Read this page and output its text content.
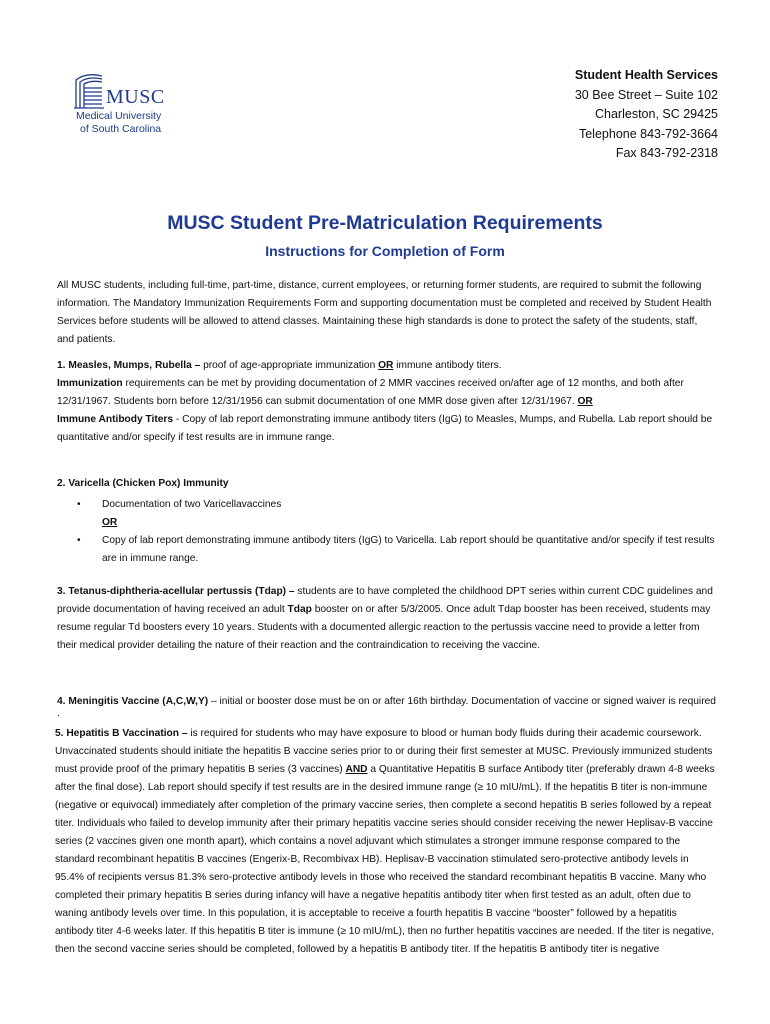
MUSC
Medical University
of South Carolina
Student Health Services
30 Bee Street – Suite 102
Charleston, SC 29425
Telephone 843-792-3664
Fax 843-792-2318
MUSC Student Pre-Matriculation Requirements
Instructions for Completion of Form

All MUSC students, including full-time, part-time, distance, current employees, or returning former students, are required to submit the following information. The Mandatory Immunization Requirements Form and supporting documentation must be completed and received by Student Health Services before students will be allowed to attend classes. Maintaining these high standards is done to protect the safety of the students, staff, and patients.

1. Measles, Mumps, Rubella – proof of age-appropriate immunization OR immune antibody titers.

Immunization requirements can be met by providing documentation of 2 MMR vaccines received on/after age of 12 months, and both after 12/31/1967. Students born before 12/31/1956 can submit documentation of one MMR dose given after 12/31/1967. OR

Immune Antibody Titers - Copy of lab report demonstrating immune antibody titers (IgG) to Measles, Mumps, and Rubella. Lab report should be quantitative and/or specify if test results are in immune range.

2. Varicella (Chicken Pox) Immunity

• Documentation of two Varicellavaccines
OR
• Copy of lab report demonstrating immune antibody titers (IgG) to Varicella. Lab report should be quantitative and/or specify if test results are in immune range.

3. Tetanus-diphtheria-acellular pertussis (Tdap) – students are to have completed the childhood DPT series within current CDC guidelines and provide documentation of having received an adult Tdap booster on or after 5/3/2005. Once adult Tdap booster has been received, students may resume regular Td boosters every 10 years. Students with a documented allergic reaction to the pertussis vaccine need to provide a letter from their medical provider detailing the nature of their reaction and the contraindication to receiving the vaccine.

4. Meningitis Vaccine (A,C,W,Y) – initial or booster dose must be on or after 16th birthday. Documentation of vaccine or signed waiver is required .

5. Hepatitis B Vaccination – is required for students who may have exposure to blood or human body fluids during their academic coursework. Unvaccinated students should initiate the hepatitis B vaccine series prior to or during their first semester at MUSC. Previously immunized students must provide proof of the primary hepatitis B series (3 vaccines) AND a Quantitative Hepatitis B surface Antibody titer (preferably drawn 4-8 weeks after the final dose). Lab report should specify if test results are in the desired immune range (≥ 10 mIU/mL). If the hepatitis B titer is non-immune (negative or equivocal) immediately after completion of the primary vaccine series, then complete a second hepatitis B series followed by a repeat titer. Individuals who failed to develop immunity after their primary hepatitis vaccine series should consider receiving the newer Heplisav-B vaccine series (2 vaccines given one month apart), which contains a novel adjuvant which stimulates a stronger immune response compared to the standard recombinant hepatitis B vaccines (Engerix-B, Recombivax HB). Heplisav-B vaccination stimulated sero-protective antibody levels in 95.4% of recipients versus 81.3% sero-protective antibody levels in those who received the standard recombinant hepatitis B vaccine. Many who completed their primary hepatitis B series during infancy will have a negative hepatitis antibody titer when first tested as an adult, often due to waning antibody levels over time. In this population, it is acceptable to receive a fourth hepatitis B vaccine “booster” followed by a hepatitis antibody titer 4-6 weeks later. If this hepatitis B titer is immune (≥ 10 mIU/mL), then no further hepatitis vaccines are needed. If the titer is negative, then the second vaccine series should be completed, followed by a hepatitis B antibody titer. If the hepatitis B antibody titer is negative
